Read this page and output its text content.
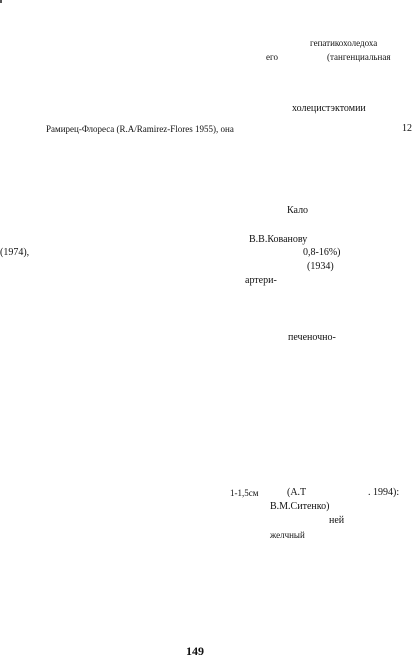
гепатикохоледоха
его	(тангенциальная
холецистэктомии
Рамирец-Флореса (R.A/Ramirez-Flores 1955), она	12
Кало
В.В.Кованову
(1974),	0,8-16%)
(1934)
артери-
печеночно-
1-1,5см	(А.Т	. 1994):
В.М.Ситенко)
ней
желчный
149
